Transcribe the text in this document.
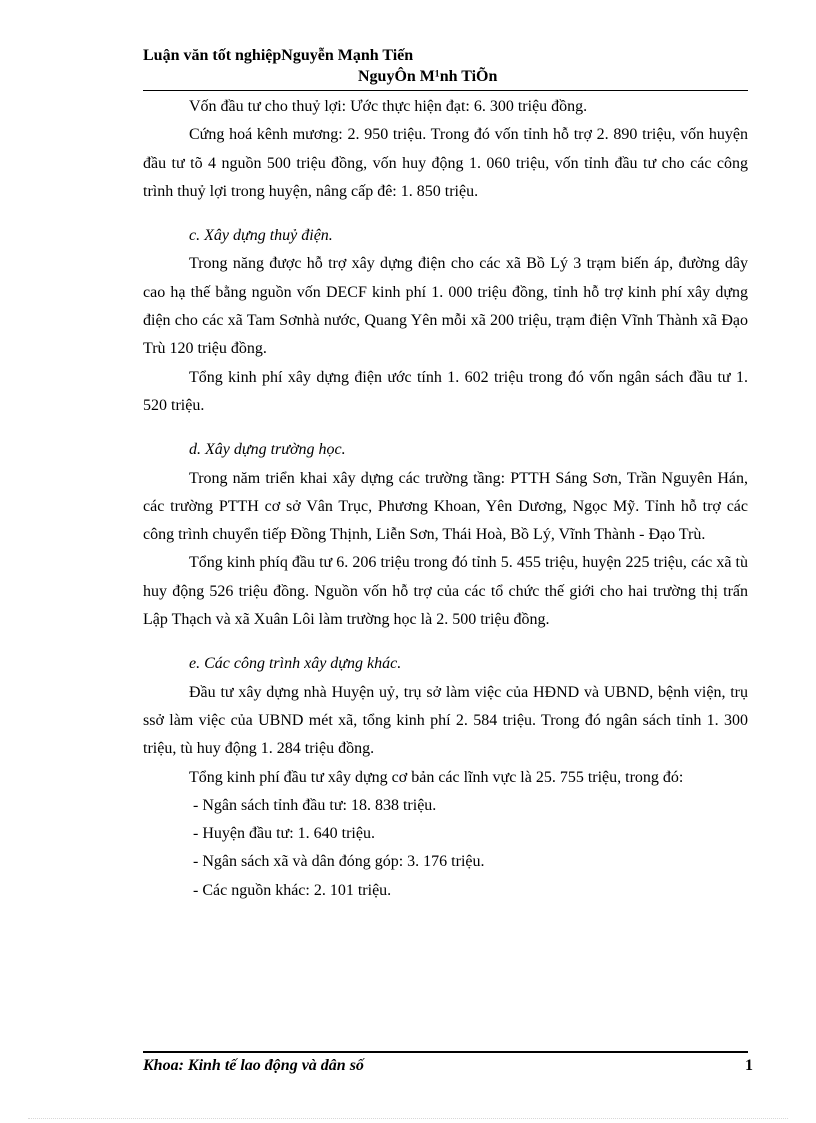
Luận văn tốt nghiệpNguyễn Mạnh Tiến
NguyÔn M¹nh TiÕn

Vốn đầu tư cho thuỷ lợi: Ước thực hiện đạt: 6. 300 triệu đồng.

Cứng hoá kênh mương: 2. 950 triệu. Trong đó vốn tỉnh hỗ trợ 2. 890 triệu, vốn huyện đầu tư tõ 4 nguồn 500 triệu đồng, vốn huy động 1. 060 triệu, vốn tỉnh đầu tư cho các công trình thuỷ lợi trong huyện, nâng cấp đê: 1. 850 triệu.

c. Xây dựng thuỷ điện.

Trong năng được hỗ trợ xây dựng điện cho các xã Bồ Lý 3 trạm biến áp, đường dây cao hạ thế bằng nguồn vốn DECF kinh phí 1. 000 triệu đồng, tỉnh hỗ trợ kinh phí xây dựng điện cho các xã Tam Sơnhà nước, Quang Yên mỗi xã 200 triệu, trạm điện Vĩnh Thành xã Đạo Trù 120 triệu đồng.

Tổng kinh phí xây dựng điện ước tính 1. 602 triệu trong đó vốn ngân sách đầu tư 1. 520 triệu.

d. Xây dựng trường học.

Trong năm triển khai xây dựng các trường tầng: PTTH Sáng Sơn, Trần Nguyên Hán, các trường PTTH cơ sở Vân Trục, Phương Khoan, Yên Dương, Ngọc Mỹ. Tỉnh hỗ trợ các công trình chuyển tiếp Đồng Thịnh, Liễn Sơn, Thái Hoà, Bồ Lý, Vĩnh Thành - Đạo Trù.

Tổng kinh phíq đầu tư 6. 206 triệu trong đó tỉnh 5. 455 triệu, huyện 225 triệu, các xã tù huy động 526 triệu đồng. Nguồn vốn hỗ trợ của các tổ chức thế giới cho hai trường thị trấn Lập Thạch và xã Xuân Lôi làm trường học là 2. 500 triệu đồng.

e. Các công trình xây dựng khác.

Đầu tư xây dựng nhà Huyện uỷ, trụ sở làm việc của HĐND và UBND, bệnh viện, trụ ssở làm việc của UBND mét xã, tổng kinh phí 2. 584 triệu. Trong đó ngân sách tỉnh 1. 300 triệu, tù huy động 1. 284 triệu đồng.

Tổng kinh phí đầu tư xây dựng cơ bản các lĩnh vực là 25. 755 triệu, trong đó:

- Ngân sách tỉnh đầu tư: 18. 838 triệu.
- Huyện đầu tư: 1. 640 triệu.
- Ngân sách xã và dân đóng góp: 3. 176 triệu.
- Các nguồn khác: 2. 101 triệu.
Khoa: Kinh tế lao động và dân số	1
